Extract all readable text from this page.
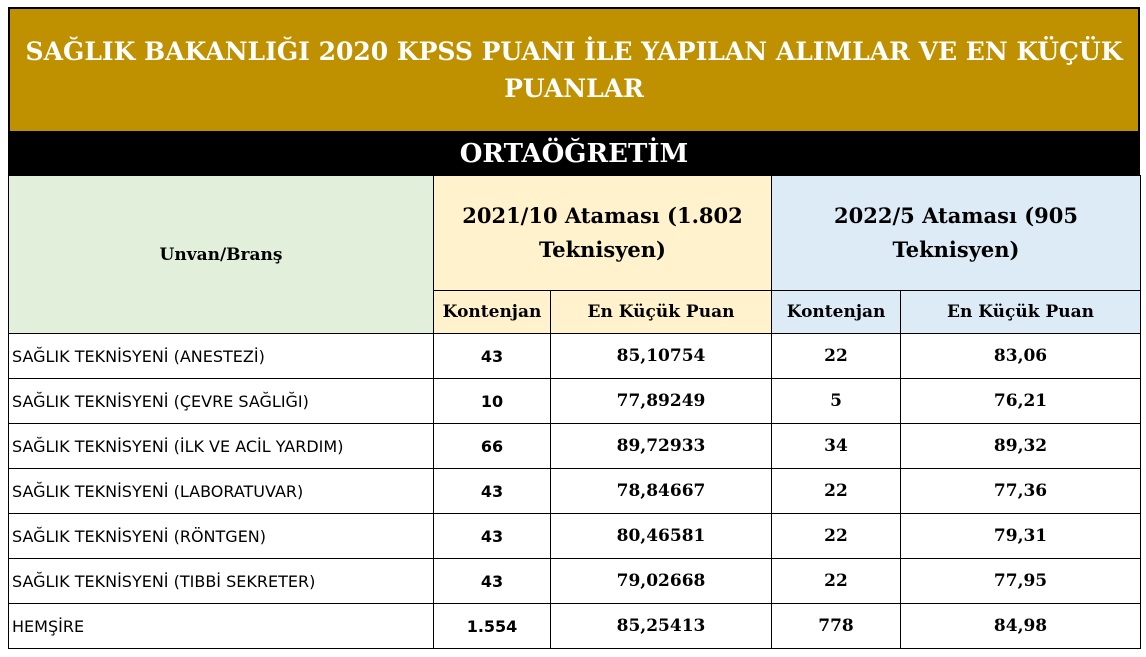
SAĞLIK BAKANLIĞI 2020 KPSS PUANI İLE YAPILAN ALIMLAR VE EN KÜÇÜK PUANLAR
ORTAÖĞRETİM
Unvan/Branş	2021/10 Ataması (1.802 Teknisyen)		2022/5 Ataması (905 Teknisyen)	
	Kontenjan	En Küçük Puan	Kontenjan	En Küçük Puan
SAĞLIK TEKNİSYENİ (ANESTEZİ)	43	85,10754	22	83,06
SAĞLIK TEKNİSYENİ (ÇEVRE SAĞLIĞI)	10	77,89249	5	76,21
SAĞLIK TEKNİSYENİ (İLK VE ACİL YARDIM)	66	89,72933	34	89,32
SAĞLIK TEKNİSYENİ (LABORATUVAR)	43	78,84667	22	77,36
SAĞLIK TEKNİSYENİ (RÖNTGEN)	43	80,46581	22	79,31
SAĞLIK TEKNİSYENİ (TIBBİ SEKRETER)	43	79,02668	22	77,95
HEMŞİRE	1.554	85,25413	778	84,98
